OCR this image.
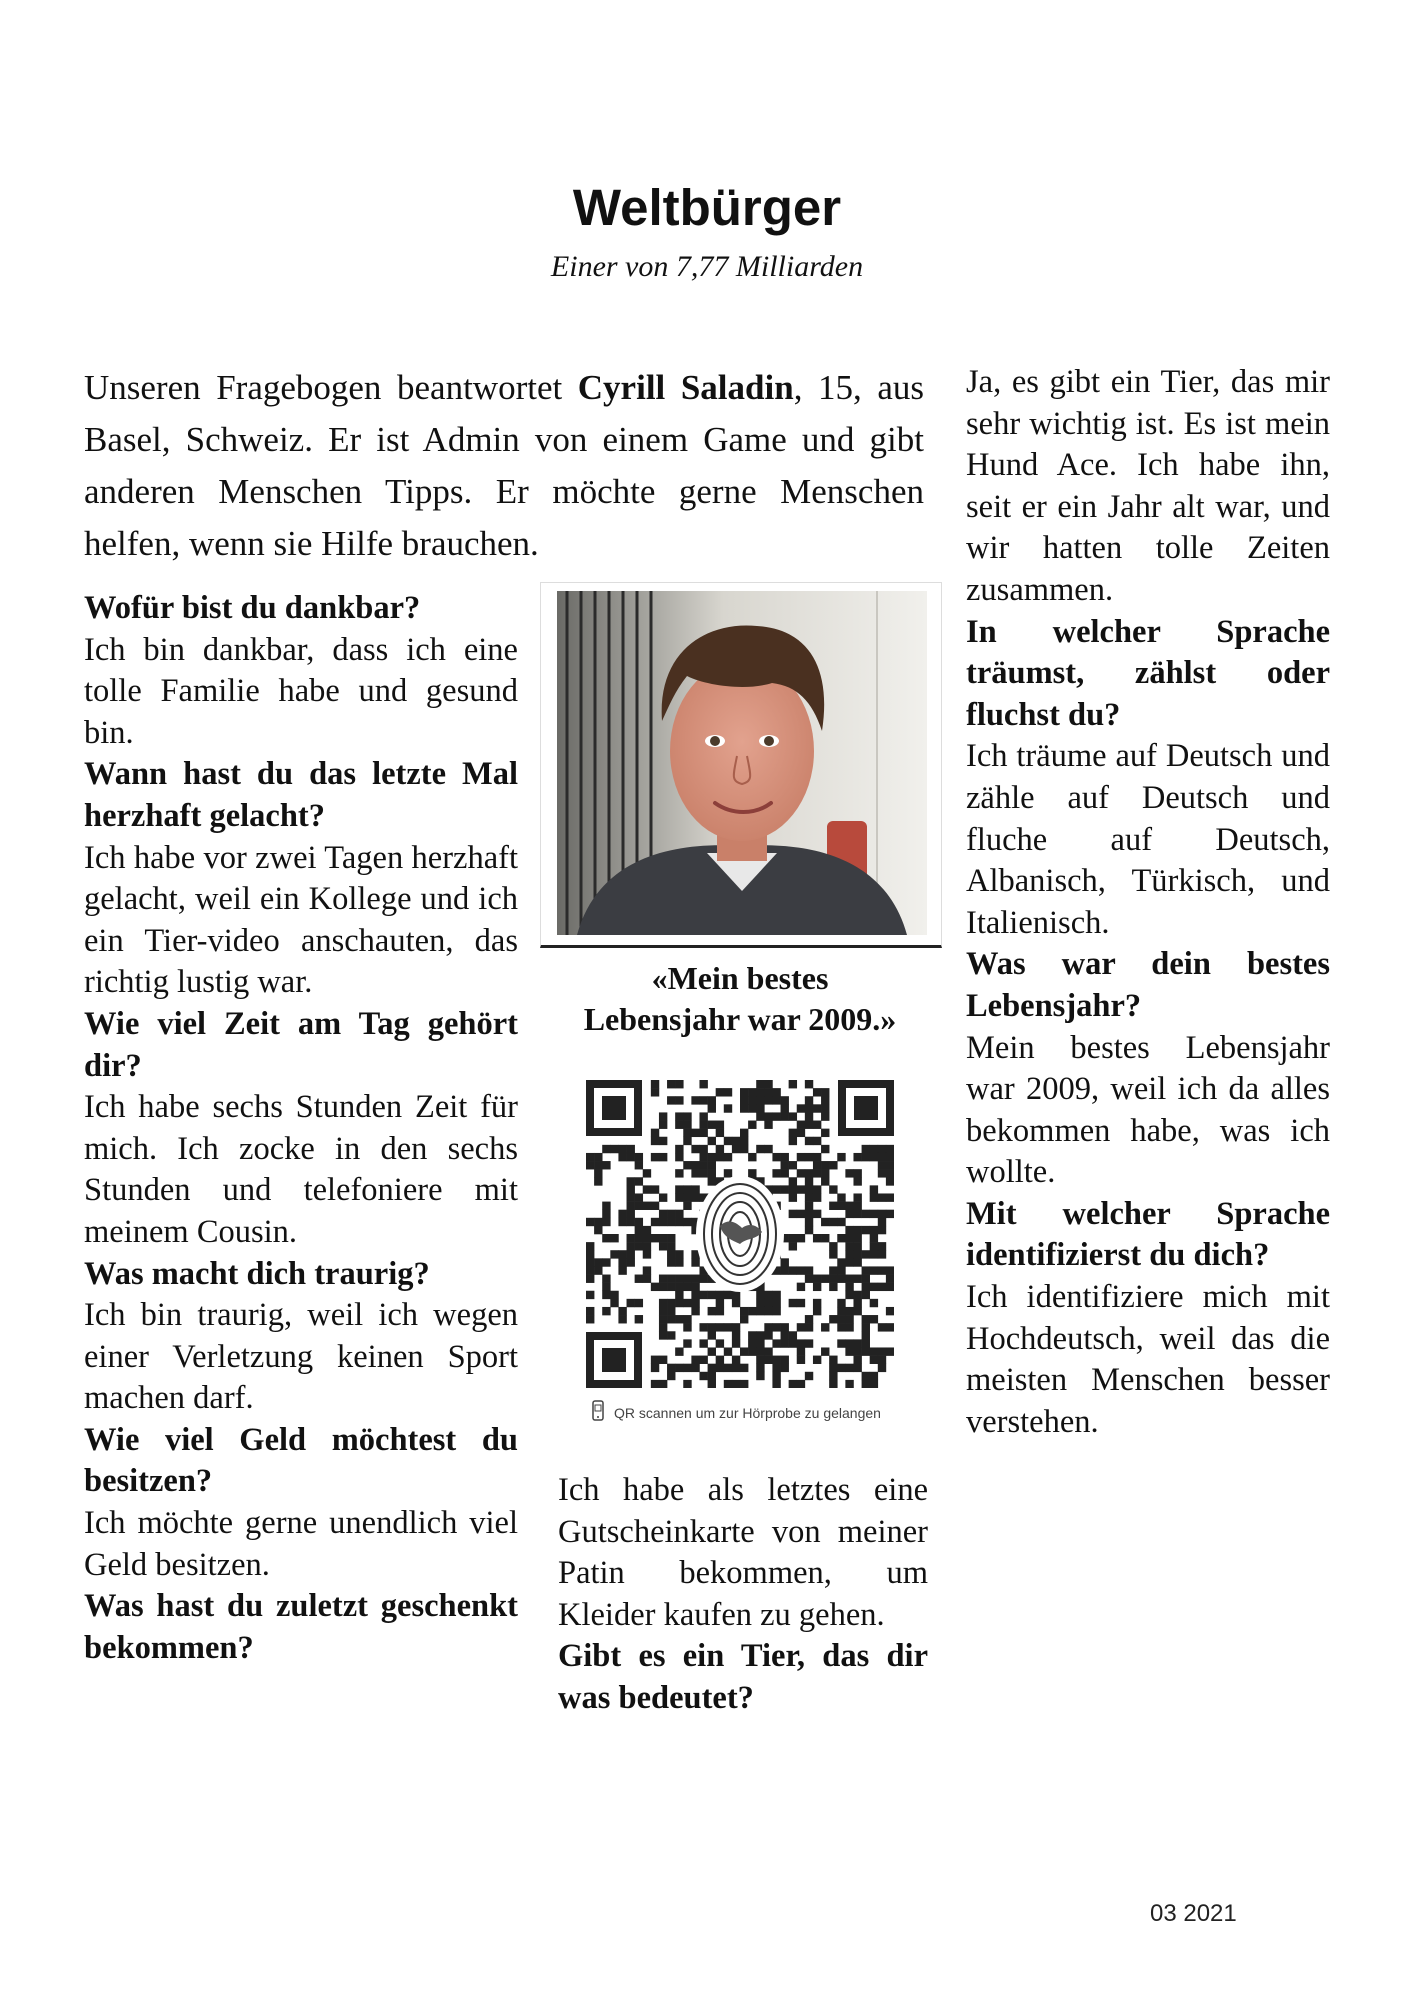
Weltbürger

Einer von 7,77 Milliarden

Unseren Fragebogen beantwortet Cyrill Saladin, 15, aus Basel, Schweiz. Er ist Admin von einem Game und gibt anderen Menschen Tipps. Er möchte gerne Menschen helfen, wenn sie Hilfe brauchen.

Wofür bist du dankbar?

Ich bin dankbar, dass ich eine tolle Familie habe und gesund bin.

Wann hast du das letzte Mal herzhaft gelacht?

Ich habe vor zwei Tagen herzhaft gelacht, weil ein Kollege und ich ein Tier-video anschauten, das richtig lustig war.

Wie viel Zeit am Tag gehört dir?

Ich habe sechs Stunden Zeit für mich. Ich zocke in den sechs Stunden und telefoniere mit meinem Cousin.

Was macht dich traurig?

Ich bin traurig, weil ich wegen einer Verletzung keinen Sport machen darf.

Wie viel Geld möchtest du besitzen?

Ich möchte gerne unendlich viel Geld besitzen.

Was hast du zuletzt geschenkt bekommen?

«Mein bestes
Lebensjahr war 2009.»

QR scannen um zur Hörprobe zu gelangen

Ich habe als letztes eine Gutscheinkarte von meiner Patin bekommen, um Kleider kaufen zu gehen.

Gibt es ein Tier, das dir was bedeutet?

Ja, es gibt ein Tier, das mir sehr wichtig ist. Es ist mein Hund Ace. Ich habe ihn, seit er ein Jahr alt war, und wir hatten tolle Zeiten zusammen.

In welcher Sprache träumst, zählst oder fluchst du?

Ich träume auf Deutsch und zähle auf Deutsch und fluche auf Deutsch, Albanisch, Türkisch, und Italienisch.

Was war dein bestes Lebensjahr?

Mein bestes Lebensjahr war 2009, weil ich da alles bekommen habe, was ich wollte.

Mit welcher Sprache identifizierst du dich?

Ich identifiziere mich mit Hochdeutsch, weil das die meisten Menschen besser verstehen.

03 2021
